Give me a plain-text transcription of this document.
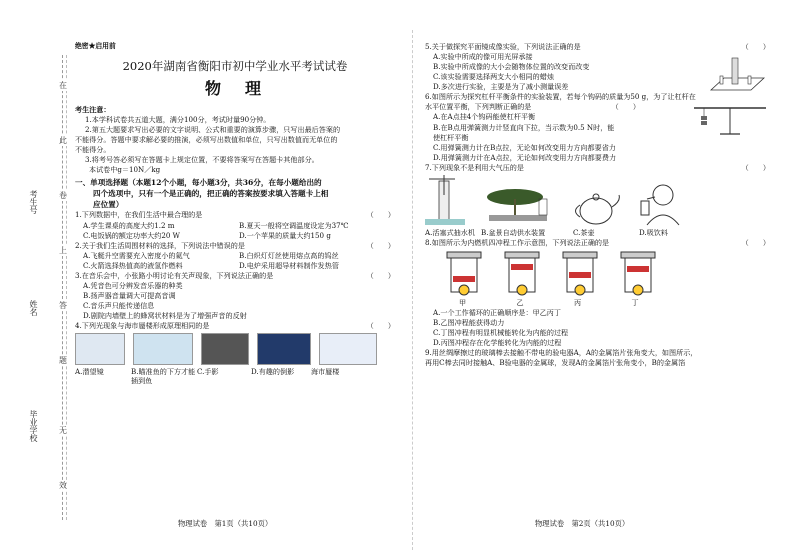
考生号
姓名
毕业学校
在
此
卷
上
答
题
无
效
绝密★启用前
2020年湖南省衡阳市初中学业水平考试试卷
物　理
考生注意：
1.本学科试卷共五道大题，满分100分，考试时量90分钟。
2.第五大题要求写出必要的文字说明、公式和重要的演算步骤，只写出最后答案的
不能得分。答题中要求解必要的推演，必须写出数值和单位，只写出数值而无单位的
不能得分。
3.将考号答必须写在答题卡上规定位置，不要将答案写在答题卡其他部分。
本试卷中g＝10N／kg
一、单项选择题（本题12个小题，每小题3分，共36分，在每小题给出的
四个选项中，只有一个是正确的，把正确的答案按要求填入答题卡上相
应位置）
1.下列数据中，在我们生活中最合理的是	（　　）
A.学生课桌的高度大约1.2 m	B.夏天一般将空调温度设定为37℃
C.电饭锅的额定功率大约20 W	D.一个苹果的质量大约150 g
2.关于我们生活周围材料的选择，下列说法中错误的是	（　　）
A.飞艇升空需要充入密度小的氦气	B.白炽灯灯丝使用熔点高的钨丝
C.火箭选择热值高的液氢作燃料	D.电炉采用超导材料制作发热管
3.在音乐会中，小张路小明讨论有关声现象，下列说法正确的是	（　　）
A.凭音色可分辨发音乐器的种类
B.扬声器音量调大可提高音调
C.音乐声只能传递信息
D.剧院内墙壁上的蜂窝状材料是为了增强声音的反射
4.下列光现象与海市蜃楼形成原理相同的是	（　　）
A.潜望镜	B.瞄准鱼的下方才能插到鱼
C.手影	D.有趣的倒影	海市蜃楼
物理试卷　第1页（共10页）
5.关于做探究平面镜成像实验，下列说法正确的是	（　　）
A.实验中所成的像可用光屏承接
B.实验中所成像的大小会随物体位置的改变而改变
C.该实验需要选择两支大小相同的蜡烛
D.多次进行实验，主要是为了减小测量误差
6.如图所示为探究杠杆平衡条件的实验装置，若每个钩码的质量为50 g，为了让杠杆在
水平位置平衡，下列判断正确的是	（　　）
A.在A点挂4个钩码能使杠杆平衡
B.在B点用弹簧测力计竖直向下拉，当示数为0.5 N时，能
使杠杆平衡
C.用弹簧测力计在B点拉，无论如何改变用力方向都要省力
D.用弹簧测力计在A点拉，无论如何改变用力方向都要费力
7.下列现象不是利用大气压的是	（　　）
A.活塞式抽水机 B.盆景自动供水装置	C.茶壶	D.吸饮料
8.如图所示为内燃机四冲程工作示意图，下列说法正确的是	（　　）
甲	乙	丙	丁
A.一个工作循环的正确顺序是：甲乙丙丁
B.乙图冲程能获得动力
C.丁图冲程有明显机械能转化为内能的过程
D.丙图冲程存在化学能转化为内能的过程
9.用丝绸摩擦过的玻璃棒去接触不带电的验电器A，A的金属箔片张角变大，如图所示，
再用C棒去同时接触A、B验电器的金属球，发现A的金属箔片张角变小，B的金属箔
物理试卷　第2页（共10页）
